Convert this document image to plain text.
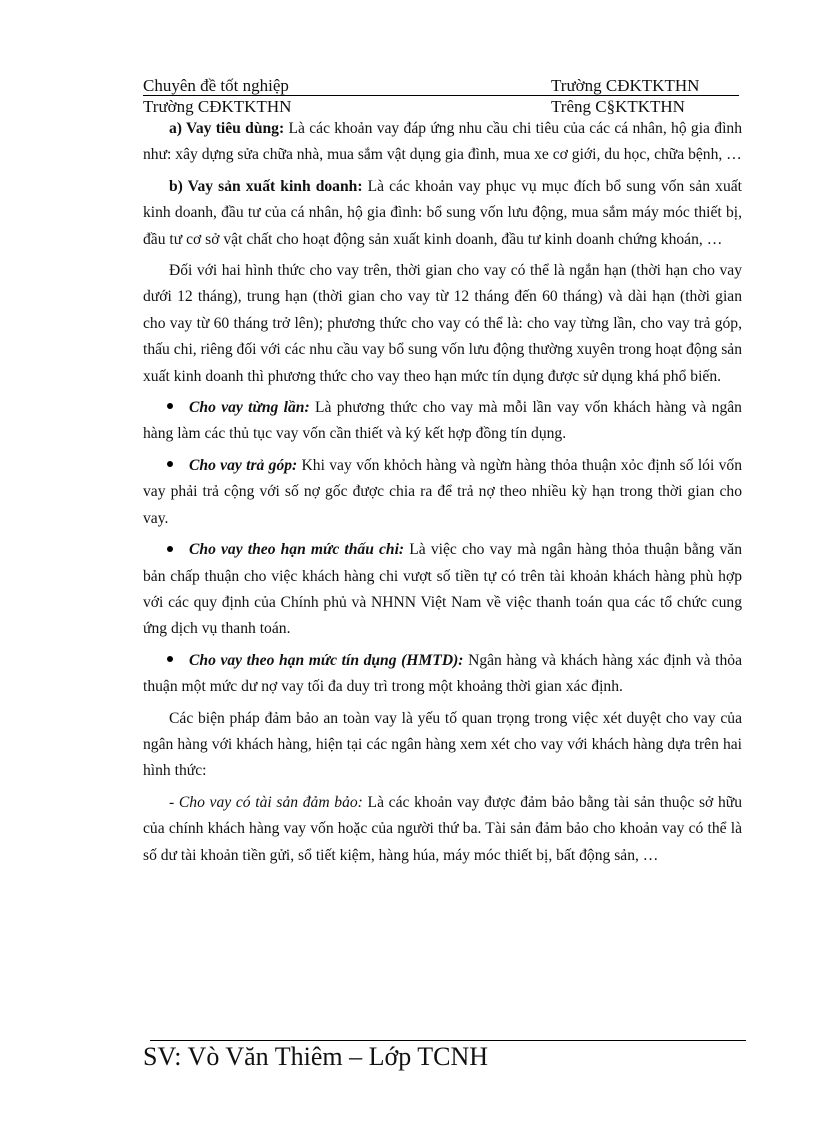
Chuyên đề tốt nghiệp	Trường CĐKTKTHN
Trường CĐKTKTHN	Trêng C§KTKTHN

a) Vay tiêu dùng: Là các khoản vay đáp ứng nhu cầu chi tiêu của các cá nhân, hộ gia đình như: xây dựng sửa chữa nhà, mua sắm vật dụng gia đình, mua xe cơ giới, du học, chữa bệnh, …

b) Vay sản xuất kinh doanh: Là các khoản vay phục vụ mục đích bổ sung vốn sản xuất kinh doanh, đầu tư của cá nhân, hộ gia đình: bổ sung vốn lưu động, mua sắm máy móc thiết bị, đầu tư cơ sở vật chất cho hoạt động sản xuất kinh doanh, đầu tư kinh doanh chứng khoán, …

Đối với hai hình thức cho vay trên, thời gian cho vay có thể là ngắn hạn (thời hạn cho vay dưới 12 tháng), trung hạn (thời gian cho vay từ 12 tháng đến 60 tháng) và dài hạn (thời gian cho vay từ 60 tháng trở lên); phương thức cho vay có thể là: cho vay từng lần, cho vay trả góp, thấu chi, riêng đối với các nhu cầu vay bổ sung vốn lưu động thường xuyên trong hoạt động sản xuất kinh doanh thì phương thức cho vay theo hạn mức tín dụng được sử dụng khá phổ biến.

Cho vay từng lần: Là phương thức cho vay mà mỗi lần vay vốn khách hàng và ngân hàng làm các thủ tục vay vốn cần thiết và ký kết hợp đồng tín dụng.

Cho vay trả góp: Khi vay vốn khỏch hàng và ngừn hàng thỏa thuận xỏc định số lói vốn vay phải trả cộng với số nợ gốc được chia ra để trả nợ theo nhiều kỳ hạn trong thời gian cho vay.

Cho vay theo hạn mức thấu chi: Là việc cho vay mà ngân hàng thỏa thuận bằng văn bản chấp thuận cho việc khách hàng chi vượt số tiền tự có trên tài khoản khách hàng phù hợp với các quy định của Chính phủ và NHNN Việt Nam về việc thanh toán qua các tổ chức cung ứng dịch vụ thanh toán.

Cho vay theo hạn mức tín dụng (HMTD): Ngân hàng và khách hàng xác định và thỏa thuận một mức dư nợ vay tối đa duy trì trong một khoảng thời gian xác định.

Các biện pháp đảm bảo an toàn vay là yếu tố quan trọng trong việc xét duyệt cho vay của ngân hàng với khách hàng, hiện tại các ngân hàng xem xét cho vay với khách hàng dựa trên hai hình thức:

- Cho vay có tài sản đảm bảo: Là các khoản vay được đảm bảo bằng tài sản thuộc sở hữu của chính khách hàng vay vốn hoặc của người thứ ba. Tài sản đảm bảo cho khoản vay có thể là số dư tài khoản tiền gửi, sổ tiết kiệm, hàng húa, máy móc thiết bị, bất động sản, …

SV: Vò Văn Thiêm – Lớp TCNH
